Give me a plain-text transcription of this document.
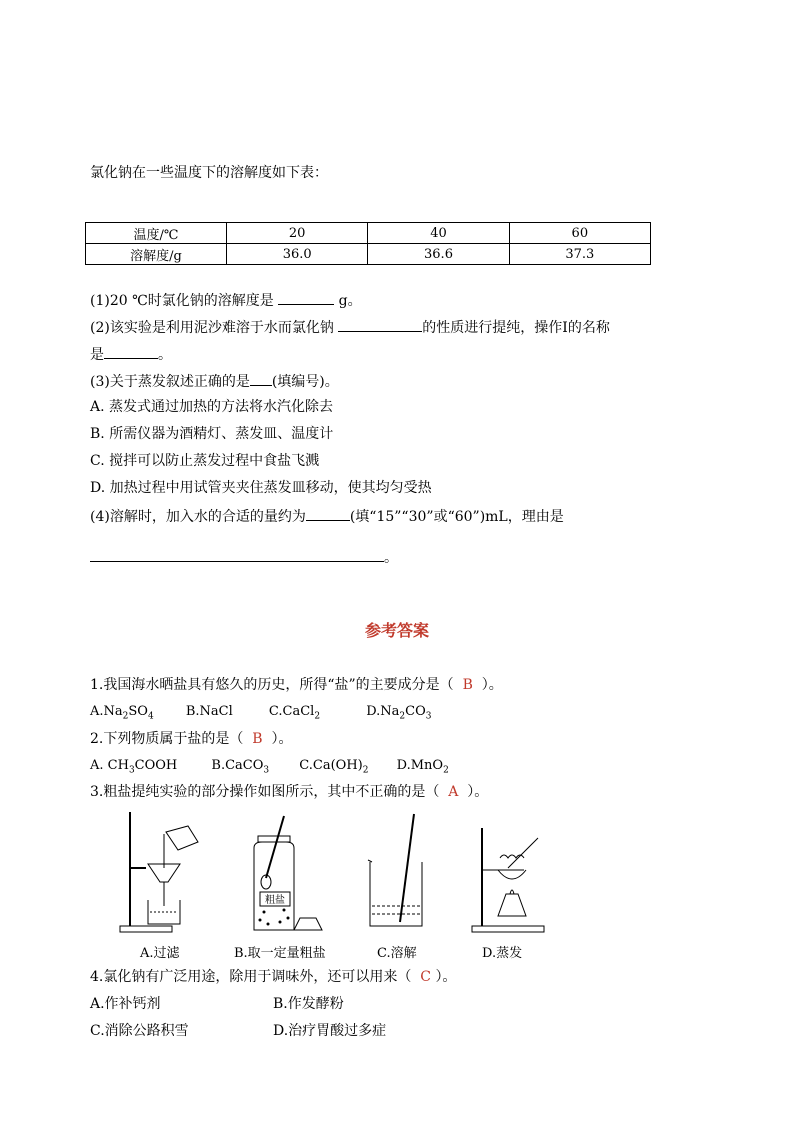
氯化钠在一些温度下的溶解度如下表：
温度/℃	20	40	60
溶解度/g	36.0	36.6	37.3
(1)20 ℃时氯化钠的溶解度是	g。
(2)该实验是利用泥沙难溶于水而氯化钠	的性质进行提纯，操作Ⅰ的名称
是	。
(3)关于蒸发叙述正确的是 (填编号)。
A. 蒸发式通过加热的方法将水汽化除去
B. 所需仪器为酒精灯、蒸发皿、温度计
C. 搅拌可以防止蒸发过程中食盐飞溅
D. 加热过程中用试管夹夹住蒸发皿移动，使其均匀受热
(4)溶解时，加入水的合适的量约为	(填“15”“30”或“60”)mL，理由是
。
参考答案
1.我国海水晒盐具有悠久的历史，所得“盐”的主要成分是（ B ）。
$A.Na_2SO_4$ B.NaCl	C.CaCl$_2$	$D.Na_2CO_3$
2.下列物质属于盐的是（ B ）。
A. $CH_3COOH$	B.CaCO$_3$ $C.Ca(OH)_2$ D.MnO$_2$
3.粗盐提纯实验的部分操作如图所示，其中不正确的是（ A ）。
粗盐
A.过滤	B.取一定量粗盐	C.溶解	D.蒸发
4.氯化钠有广泛用途，除用于调味外，还可以用来（ C ）。
A.作补钙剂	B.作发酵粉
C.消除公路积雪	D.治疗胃酸过多症
